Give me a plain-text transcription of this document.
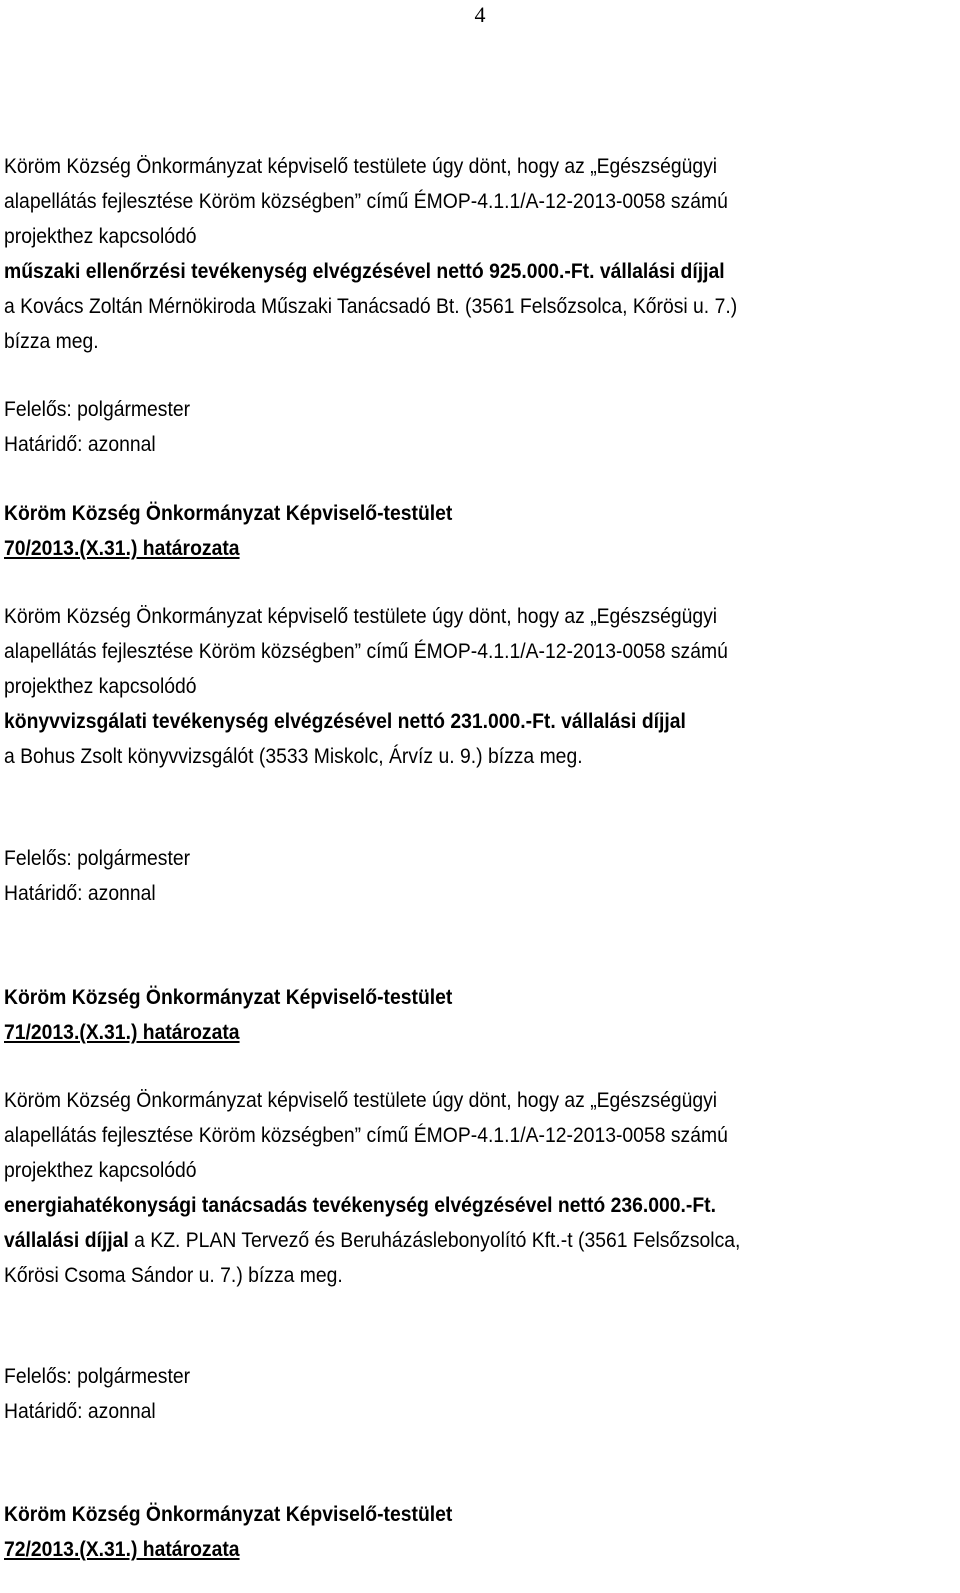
4
Köröm Község Önkormányzat képviselő testülete úgy dönt, hogy az „Egészségügyi
alapellátás fejlesztése Köröm községben” című ÉMOP-4.1.1/A-12-2013-0058 számú
projekthez kapcsolódó
műszaki ellenőrzési tevékenység elvégzésével nettó 925.000.-Ft. vállalási díjjal
a Kovács Zoltán Mérnökiroda Műszaki Tanácsadó Bt. (3561 Felsőzsolca, Kőrösi u. 7.)
bízza meg.
Felelős: polgármester
Határidő: azonnal
Köröm Község Önkormányzat Képviselő-testület
70/2013.(X.31.) határozata
Köröm Község Önkormányzat képviselő testülete úgy dönt, hogy az „Egészségügyi
alapellátás fejlesztése Köröm községben” című ÉMOP-4.1.1/A-12-2013-0058 számú
projekthez kapcsolódó
könyvvizsgálati tevékenység elvégzésével nettó 231.000.-Ft. vállalási díjjal
a Bohus Zsolt könyvvizsgálót (3533 Miskolc, Árvíz u. 9.) bízza meg.
Felelős: polgármester
Határidő: azonnal
Köröm Község Önkormányzat Képviselő-testület
71/2013.(X.31.) határozata
Köröm Község Önkormányzat képviselő testülete úgy dönt, hogy az „Egészségügyi
alapellátás fejlesztése Köröm községben” című ÉMOP-4.1.1/A-12-2013-0058 számú
projekthez kapcsolódó
energiahatékonysági tanácsadás tevékenység elvégzésével nettó 236.000.-Ft.
vállalási díjjal a KZ. PLAN Tervező és Beruházáslebonyolító Kft.-t (3561 Felsőzsolca,
Kőrösi Csoma Sándor u. 7.) bízza meg.
Felelős: polgármester
Határidő: azonnal
Köröm Község Önkormányzat Képviselő-testület
72/2013.(X.31.) határozata
